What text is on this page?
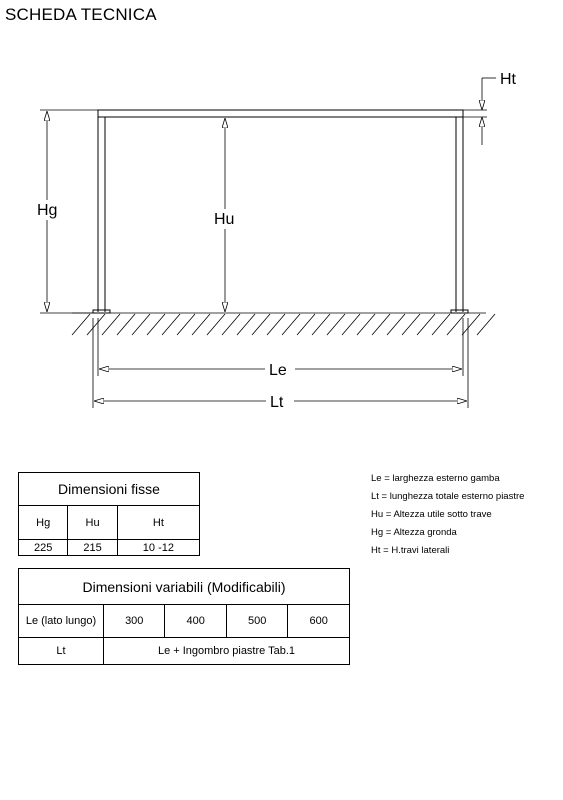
SCHEDA TECNICA
Hg
Hu
Ht
Le
Lt
Dimensioni fisse		
Hg	Hu	Ht
225	215	10 -12
Dimensioni variabili (Modificabili)				
Le (lato lungo)	300	400	500	600
Lt	Le + Ingombro piastre Tab.1			
Le = larghezza esterno gamba
Lt = lunghezza totale esterno piastre
Hu = Altezza utile sotto trave
Hg = Altezza gronda
Ht = H.travi laterali
